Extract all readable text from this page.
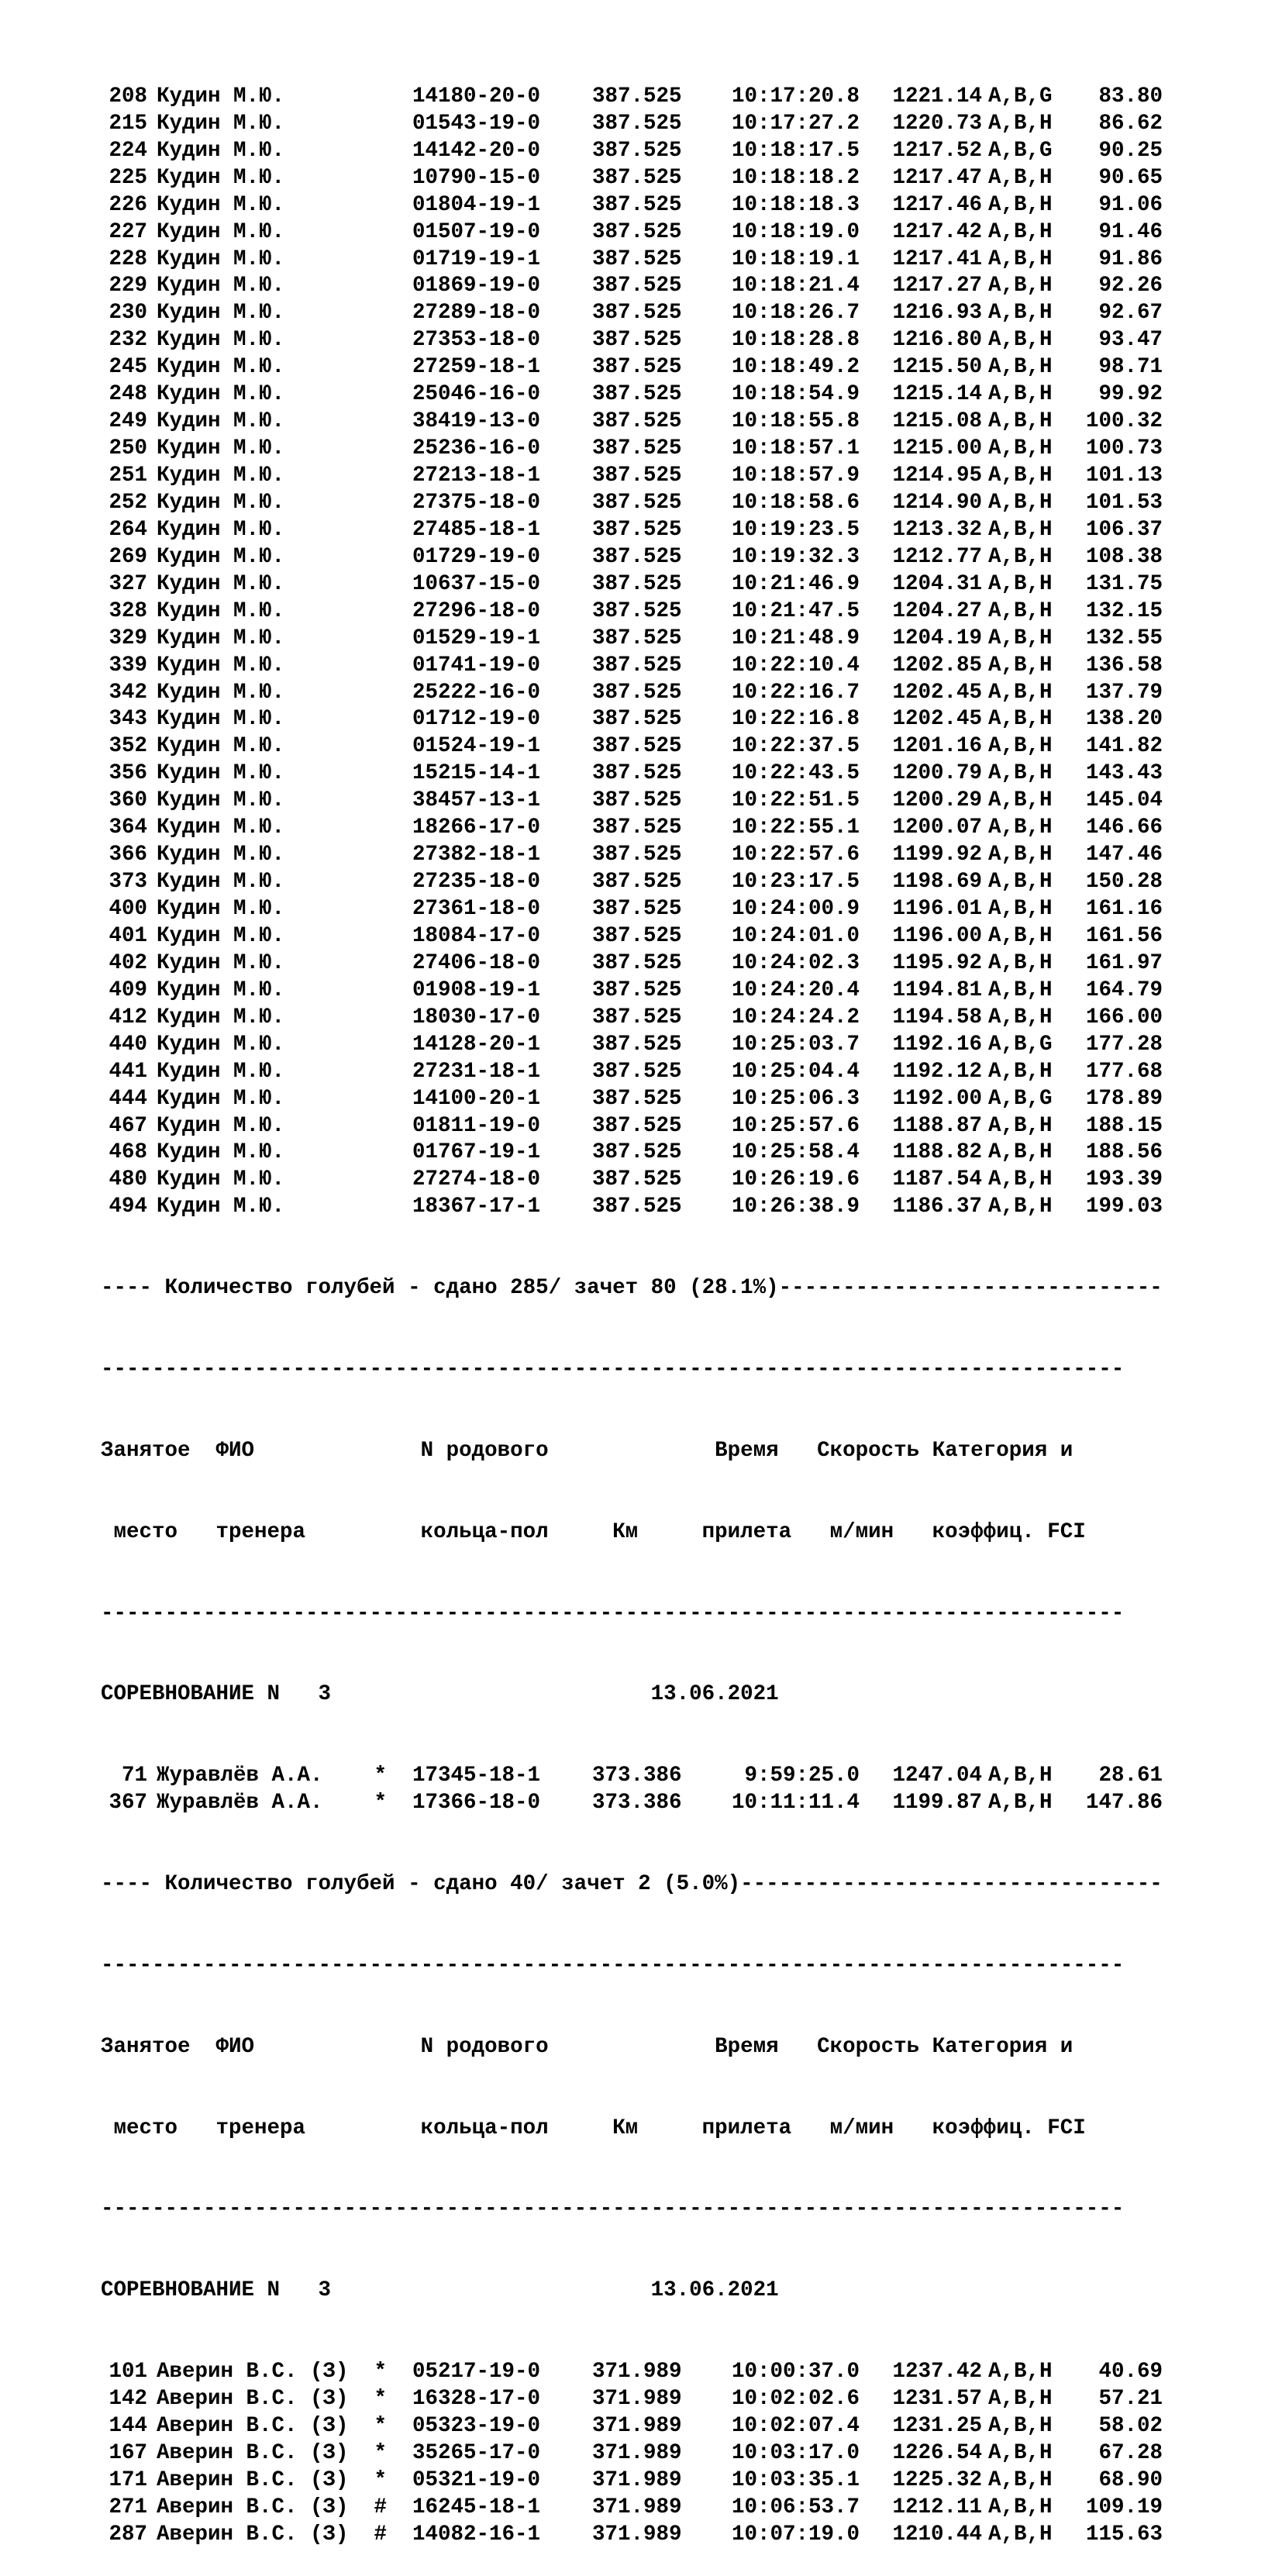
208 Кудин М.Ю.	14180-20-0 387.525 10:17:20.8 1221.14 A,B,G 83.80
215 Кудин М.Ю.	01543-19-0 387.525 10:17:27.2 1220.73 A,B,H 86.62
224 Кудин М.Ю.	14142-20-0 387.525 10:18:17.5 1217.52 A,B,G 90.25
225 Кудин М.Ю.	10790-15-0 387.525 10:18:18.2 1217.47 A,B,H 90.65
226 Кудин М.Ю.	01804-19-1 387.525 10:18:18.3 1217.46 A,B,H 91.06
227 Кудин М.Ю.	01507-19-0 387.525 10:18:19.0 1217.42 A,B,H 91.46
228 Кудин М.Ю.	01719-19-1 387.525 10:18:19.1 1217.41 A,B,H 91.86
229 Кудин М.Ю.	01869-19-0 387.525 10:18:21.4 1217.27 A,B,H 92.26
230 Кудин М.Ю.	27289-18-0 387.525 10:18:26.7 1216.93 A,B,H 92.67
232 Кудин М.Ю.	27353-18-0 387.525 10:18:28.8 1216.80 A,B,H 93.47
245 Кудин М.Ю.	27259-18-1 387.525 10:18:49.2 1215.50 A,B,H 98.71
248 Кудин М.Ю.	25046-16-0 387.525 10:18:54.9 1215.14 A,B,H 99.92
249 Кудин М.Ю.	38419-13-0 387.525 10:18:55.8 1215.08 A,B,H 100.32
250 Кудин М.Ю.	25236-16-0 387.525 10:18:57.1 1215.00 A,B,H 100.73
251 Кудин М.Ю.	27213-18-1 387.525 10:18:57.9 1214.95 A,B,H 101.13
252 Кудин М.Ю.	27375-18-0 387.525 10:18:58.6 1214.90 A,B,H 101.53
264 Кудин М.Ю.	27485-18-1 387.525 10:19:23.5 1213.32 A,B,H 106.37
269 Кудин М.Ю.	01729-19-0 387.525 10:19:32.3 1212.77 A,B,H 108.38
327 Кудин М.Ю.	10637-15-0 387.525 10:21:46.9 1204.31 A,B,H 131.75
328 Кудин М.Ю.	27296-18-0 387.525 10:21:47.5 1204.27 A,B,H 132.15
329 Кудин М.Ю.	01529-19-1 387.525 10:21:48.9 1204.19 A,B,H 132.55
339 Кудин М.Ю.	01741-19-0 387.525 10:22:10.4 1202.85 A,B,H 136.58
342 Кудин М.Ю.	25222-16-0 387.525 10:22:16.7 1202.45 A,B,H 137.79
343 Кудин М.Ю.	01712-19-0 387.525 10:22:16.8 1202.45 A,B,H 138.20
352 Кудин М.Ю.	01524-19-1 387.525 10:22:37.5 1201.16 A,B,H 141.82
356 Кудин М.Ю.	15215-14-1 387.525 10:22:43.5 1200.79 A,B,H 143.43
360 Кудин М.Ю.	38457-13-1 387.525 10:22:51.5 1200.29 A,B,H 145.04
364 Кудин М.Ю.	18266-17-0 387.525 10:22:55.1 1200.07 A,B,H 146.66
366 Кудин М.Ю.	27382-18-1 387.525 10:22:57.6 1199.92 A,B,H 147.46
373 Кудин М.Ю.	27235-18-0 387.525 10:23:17.5 1198.69 A,B,H 150.28
400 Кудин М.Ю.	27361-18-0 387.525 10:24:00.9 1196.01 A,B,H 161.16
401 Кудин М.Ю.	18084-17-0 387.525 10:24:01.0 1196.00 A,B,H 161.56
402 Кудин М.Ю.	27406-18-0 387.525 10:24:02.3 1195.92 A,B,H 161.97
409 Кудин М.Ю.	01908-19-1 387.525 10:24:20.4 1194.81 A,B,H 164.79
412 Кудин М.Ю.	18030-17-0 387.525 10:24:24.2 1194.58 A,B,H 166.00
440 Кудин М.Ю.	14128-20-1 387.525 10:25:03.7 1192.16 A,B,G 177.28
441 Кудин М.Ю.	27231-18-1 387.525 10:25:04.4 1192.12 A,B,H 177.68
444 Кудин М.Ю.	14100-20-1 387.525 10:25:06.3 1192.00 A,B,G 178.89
467 Кудин М.Ю.	01811-19-0 387.525 10:25:57.6 1188.87 A,B,H 188.15
468 Кудин М.Ю.	01767-19-1 387.525 10:25:58.4 1188.82 A,B,H 188.56
480 Кудин М.Ю.	27274-18-0 387.525 10:26:19.6 1187.54 A,B,H 193.39
494 Кудин М.Ю.	18367-17-1 387.525 10:26:38.9 1186.37 A,B,H 199.03

---- Количество голубей - сдано 285/ зачет 80 (28.1%)------------------------------

--------------------------------------------------------------------------------

Занятое  ФИО             N родового             Время   Скорость Категория и

место   тренера         кольца-пол     Км     прилета   м/мин   коэффиц. FCI

--------------------------------------------------------------------------------

СОРЕВНОВАНИЕ N   3                         13.06.2021

71 Журавлёв А.А.    * 17345-18-1 373.386 9:59:25.0 1247.04 A,B,H 28.61
367 Журавлёв А.А.    * 17366-18-0 373.386 10:11:11.4 1199.87 A,B,H 147.86

---- Количество голубей - сдано 40/ зачет 2 (5.0%)---------------------------------

--------------------------------------------------------------------------------

Занятое  ФИО             N родового             Время   Скорость Категория и

место   тренера         кольца-пол     Км     прилета   м/мин   коэффиц. FCI

--------------------------------------------------------------------------------

СОРЕВНОВАНИЕ N   3                         13.06.2021

101 Аверин В.С. (З)  * 05217-19-0 371.989 10:00:37.0 1237.42 A,B,H 40.69
142 Аверин В.С. (З)  * 16328-17-0 371.989 10:02:02.6 1231.57 A,B,H 57.21
144 Аверин В.С. (З)  * 05323-19-0 371.989 10:02:07.4 1231.25 A,B,H 58.02
167 Аверин В.С. (З)  * 35265-17-0 371.989 10:03:17.0 1226.54 A,B,H 67.28
171 Аверин В.С. (З)  * 05321-19-0 371.989 10:03:35.1 1225.32 A,B,H 68.90
271 Аверин В.С. (З)  # 16245-18-1 371.989 10:06:53.7 1212.11 A,B,H 109.19
287 Аверин В.С. (З)  # 14082-16-1 371.989 10:07:19.0 1210.44 A,B,H 115.63
